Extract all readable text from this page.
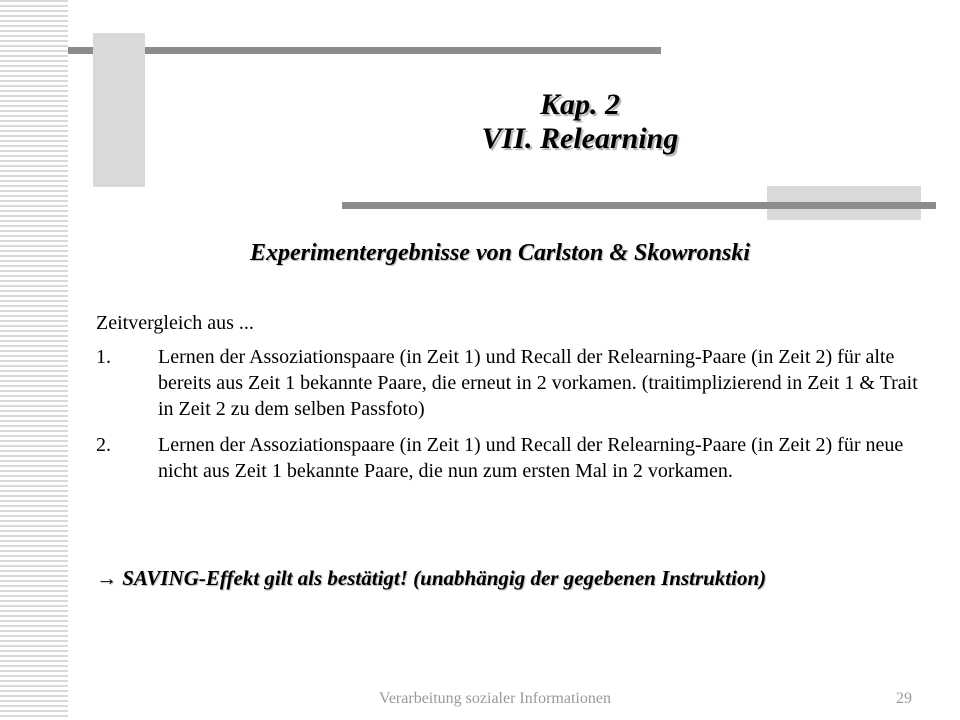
Kap. 2
VII. Relearning
Experimentergebnisse von Carlston & Skowronski

Zeitvergleich aus ...

1.	Lernen der Assoziationspaare (in Zeit 1) und Recall der Relearning-Paare (in Zeit 2) für alte bereits aus Zeit 1 bekannte Paare, die erneut in 2 vorkamen. (traitimplizierend in Zeit 1 & Trait in Zeit 2 zu dem selben Passfoto)
2.	Lernen der Assoziationspaare (in Zeit 1) und Recall der Relearning-Paare (in Zeit 2) für neue nicht aus Zeit 1 bekannte Paare, die nun zum ersten Mal in 2 vorkamen.
→ SAVING-Effekt gilt als bestätigt! (unabhängig der gegebenen Instruktion)
Verarbeitung sozialer Informationen	29
